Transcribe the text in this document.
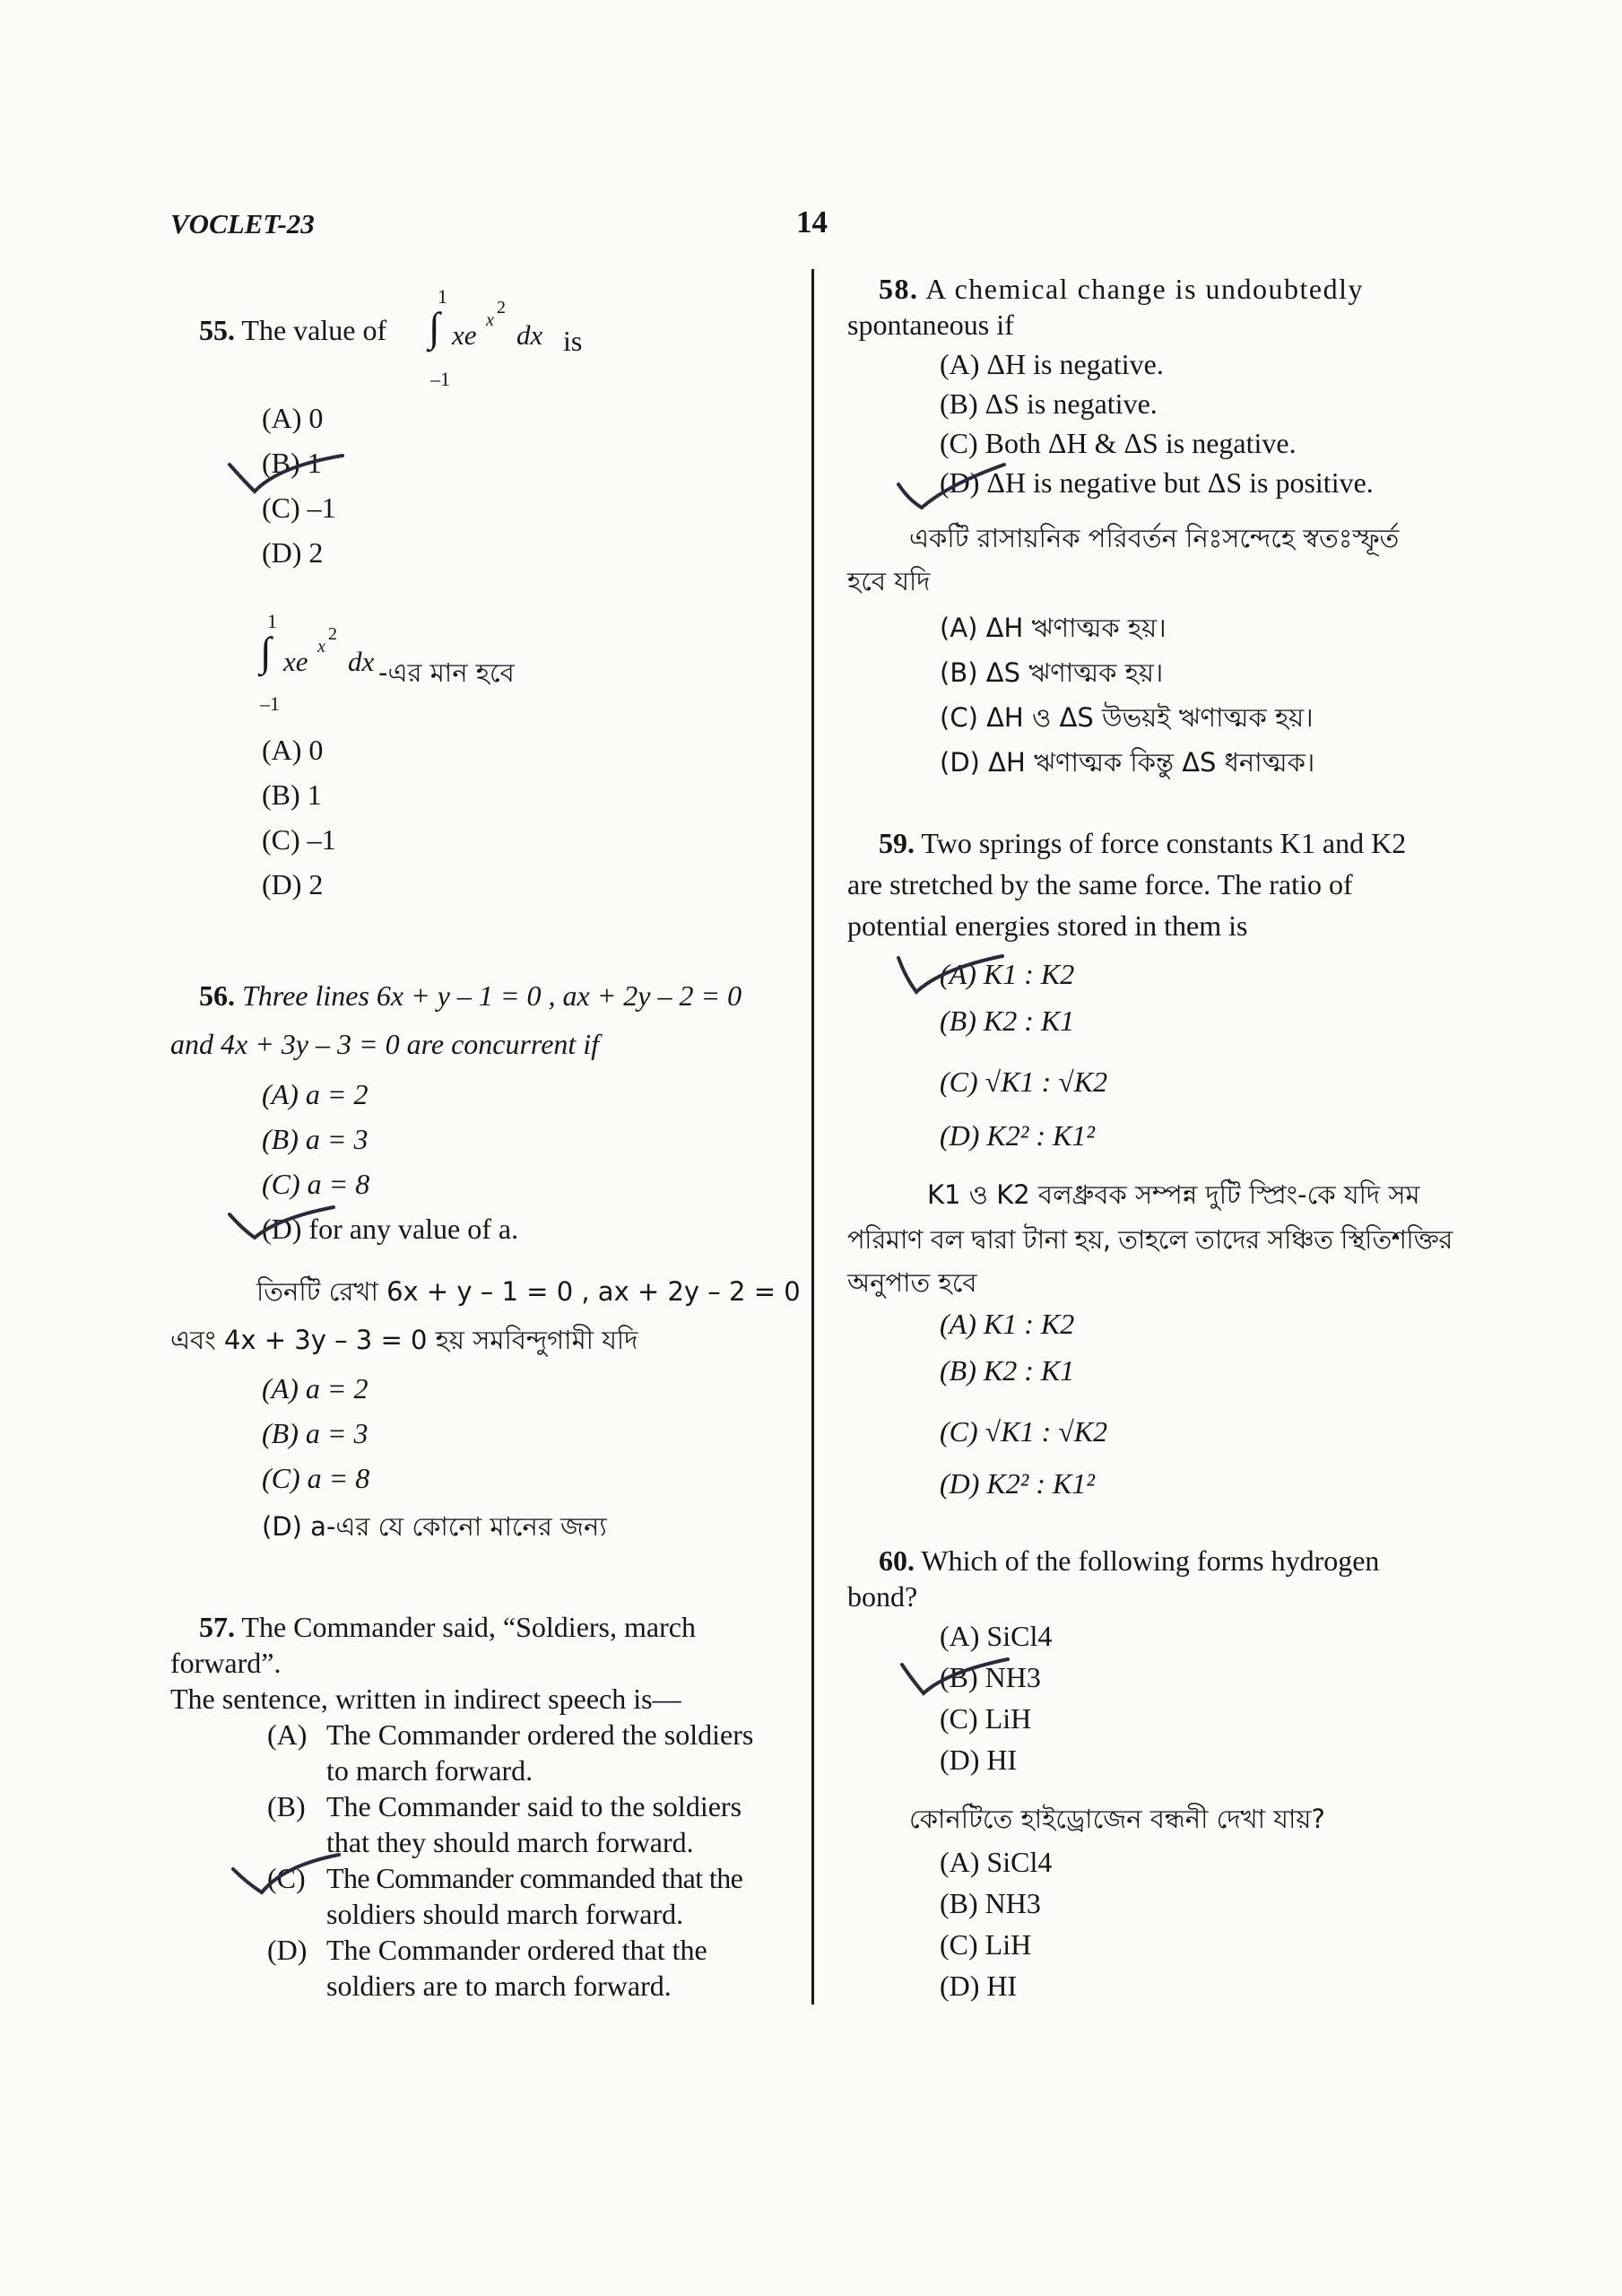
VOCLET-23	14
55. The value of
1
∫
–1
xe x
2
dx is
(A) 0
(B) 1
(C) –1
(D) 2
1
∫
–1
xe x
2
dx -এর মান হবে
(A) 0
(B) 1
(C) –1
(D) 2
56. Three lines 6x + y – 1 = 0 , ax + 2y – 2 = 0
and 4x + 3y – 3 = 0 are concurrent if
(A) a = 2
(B) a = 3
(C) a = 8
(D) for any value of a.
তিনটি রেখা 6x + y – 1 = 0 , ax + 2y – 2 = 0
এবং 4x + 3y – 3 = 0 হয় সমবিন্দুগামী যদি
(A) a = 2
(B) a = 3
(C) a = 8
(D) a-এর যে কোনো মানের জন্য
57. The Commander said, “Soldiers, march
forward”.
The sentence, written in indirect speech is—
(A) The Commander ordered the soldiers
to march forward.
(B) The Commander said to the soldiers
that they should march forward.
(C) The Commander commanded that the
soldiers should march forward.
(D) The Commander ordered that the
soldiers are to march forward.
58. A chemical change is undoubtedly
spontaneous if
(A) ΔH is negative.
(B) ΔS is negative.
(C) Both ΔH & ΔS is negative.
(D) ΔH is negative but ΔS is positive.
একটি রাসায়নিক পরিবর্তন নিঃসন্দেহে স্বতঃস্ফূর্ত
হবে যদি
(A) ΔH ঋণাত্মক হয়।
(B) ΔS ঋণাত্মক হয়।
(C) ΔH ও ΔS উভয়ই ঋণাত্মক হয়।
(D) ΔH ঋণাত্মক কিন্তু ΔS ধনাত্মক।
59. Two springs of force constants K1 and K2
are stretched by the same force. The ratio of
potential energies stored in them is
(A) K1 : K2
(B) K2 : K1
(C) √K1 : √K2
(D) K2² : K1²
K1 ও K2 বলধ্রুবক সম্পন্ন দুটি স্প্রিং-কে যদি সম
পরিমাণ বল দ্বারা টানা হয়, তাহলে তাদের সঞ্চিত স্থিতিশক্তির
অনুপাত হবে
(A) K1 : K2
(B) K2 : K1
(C) √K1 : √K2
(D) K2² : K1²
60. Which of the following forms hydrogen
bond?
(A) SiCl4
(B) NH3
(C) LiH
(D) HI
কোনটিতে হাইড্রোজেন বন্ধনী দেখা যায়?
(A) SiCl4
(B) NH3
(C) LiH
(D) HI
